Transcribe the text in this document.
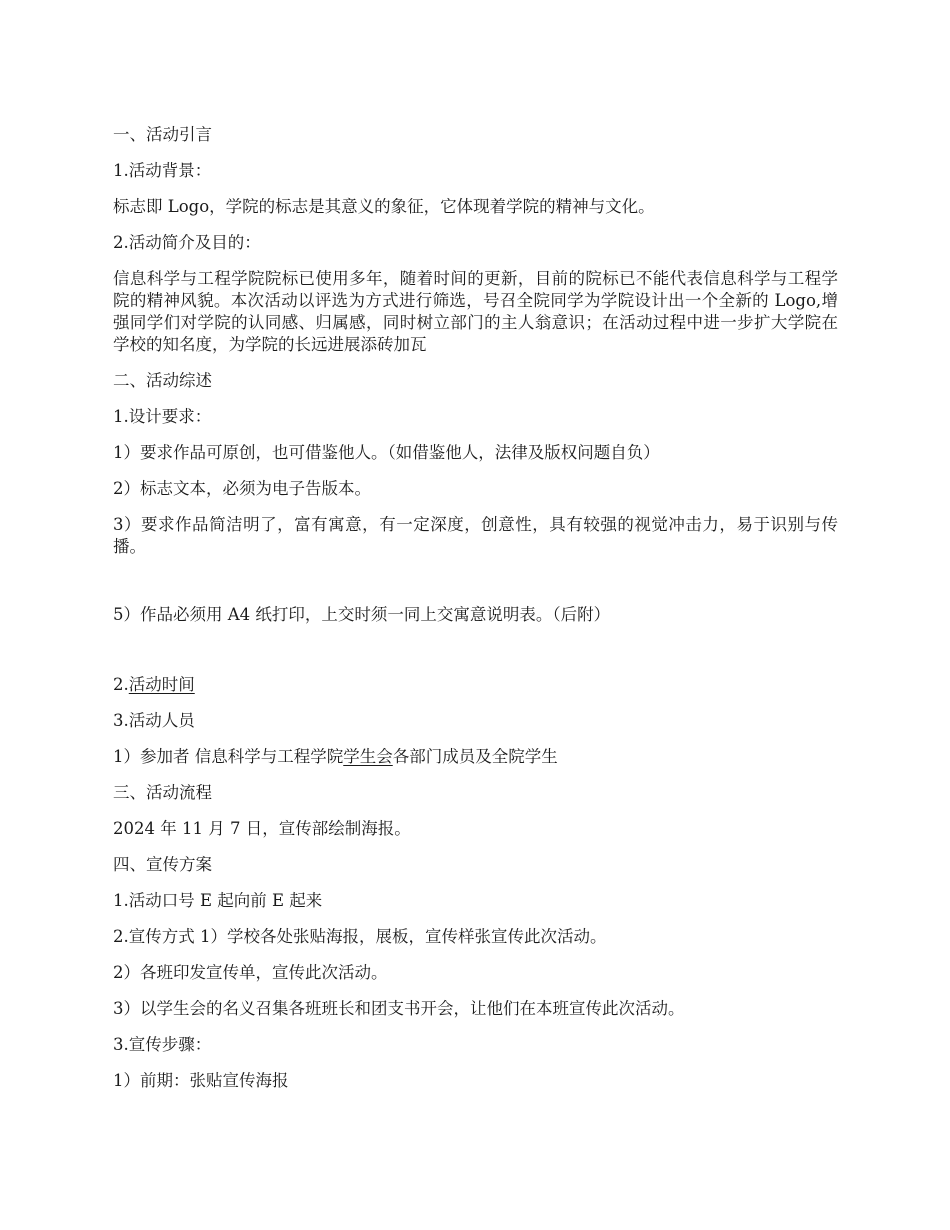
一、活动引言

1.活动背景：

标志即 Logo，学院的标志是其意义的象征，它体现着学院的精神与文化。

2.活动简介及目的：

信息科学与工程学院院标已使用多年，随着时间的更新，目前的院标已不能代表信息科学与工程学院的精神风貌。本次活动以评选为方式进行筛选，号召全院同学为学院设计出一个全新的 Logo,增强同学们对学院的认同感、归属感，同时树立部门的主人翁意识；在活动过程中进一步扩大学院在学校的知名度，为学院的长远进展添砖加瓦

二、活动综述

1.设计要求：

1）要求作品可原创，也可借鉴他人。（如借鉴他人，法律及版权问题自负）

2）标志文本，必须为电子告版本。

3）要求作品简洁明了，富有寓意，有一定深度，创意性，具有较强的视觉冲击力，易于识别与传播。

5）作品必须用 A4 纸打印，上交时须一同上交寓意说明表。（后附）

2.活动时间

3.活动人员

1）参加者 信息科学与工程学院学生会各部门成员及全院学生

三、活动流程

2024 年 11 月 7 日，宣传部绘制海报。

四、宣传方案

1.活动口号 E 起向前 E 起来

2.宣传方式 1）学校各处张贴海报，展板，宣传样张宣传此次活动。

2）各班印发宣传单，宣传此次活动。

3）以学生会的名义召集各班班长和团支书开会，让他们在本班宣传此次活动。

3.宣传步骤：

1）前期：张贴宣传海报
